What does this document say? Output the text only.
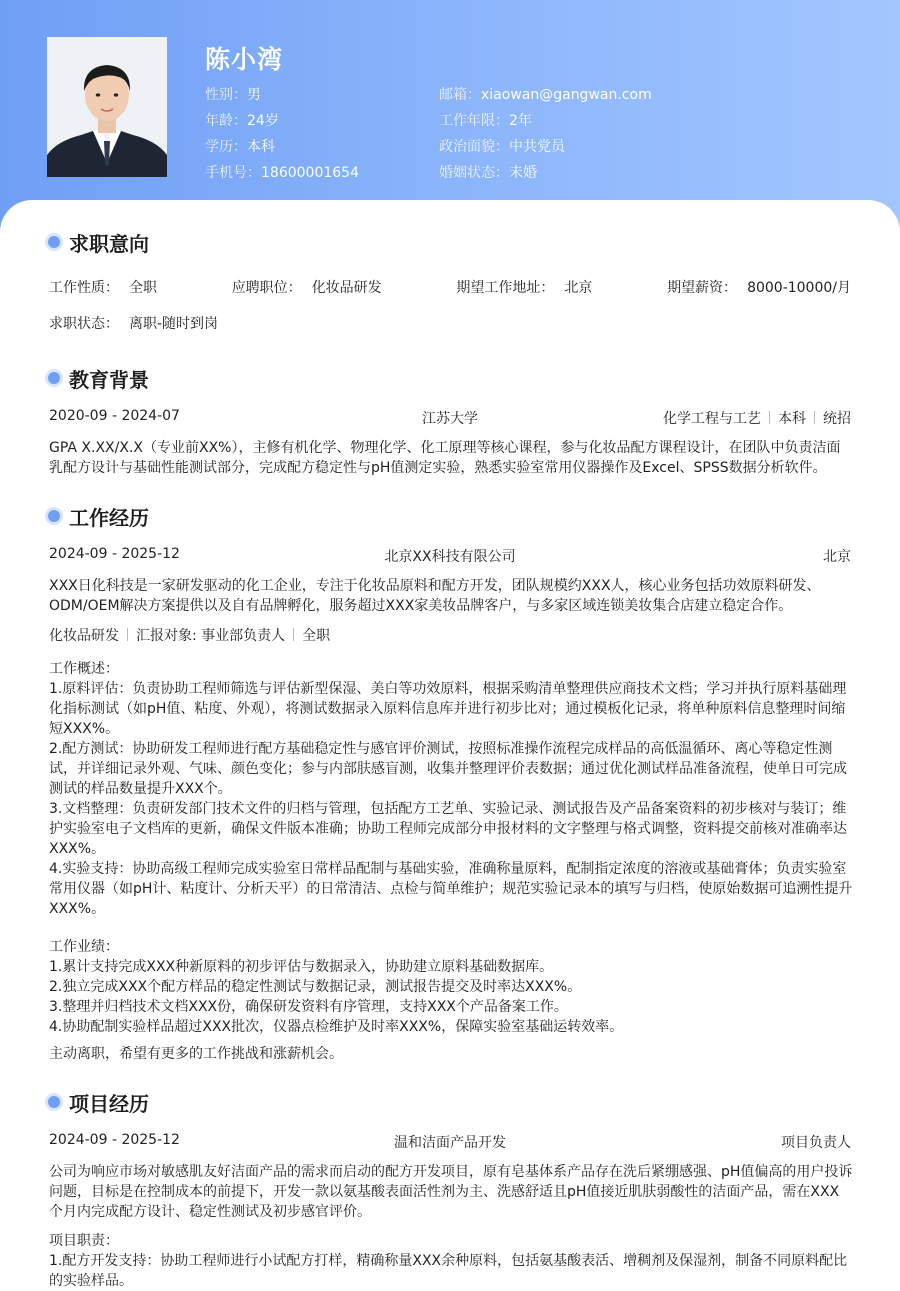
陈小湾
性别：男
年龄：24岁
学历：本科
手机号：18600001654
邮箱：xiaowan@gangwan.com
工作年限：2年
政治面貌：中共党员
婚姻状态：未婚
求职意向
工作性质： 全职	应聘职位： 化妆品研发	期望工作地址： 北京	期望薪资： 8000-10000/月
求职状态： 离职-随时到岗
教育背景
2020-09 - 2024-07	江苏大学	化学工程与工艺 本科 统招
GPA X.XX/X.X（专业前XX%），主修有机化学、物理化学、化工原理等核心课程，参与化妆品配方课程设计，在团队中负责洁面乳配方设计与基础性能测试部分，完成配方稳定性与pH值测定实验，熟悉实验室常用仪器操作及Excel、SPSS数据分析软件。
工作经历
2024-09 - 2025-12	北京XX科技有限公司	北京
XXX日化科技是一家研发驱动的化工企业，专注于化妆品原料和配方开发，团队规模约XXX人，核心业务包括功效原料研发、ODM/OEM解决方案提供以及自有品牌孵化，服务超过XXX家美妆品牌客户，与多家区域连锁美妆集合店建立稳定合作。
化妆品研发 汇报对象: 事业部负责人 全职
工作概述：
1.原料评估：负责协助工程师筛选与评估新型保湿、美白等功效原料，根据采购清单整理供应商技术文档；学习并执行原料基础理化指标测试（如pH值、粘度、外观），将测试数据录入原料信息库并进行初步比对；通过模板化记录，将单种原料信息整理时间缩短XXX%。
2.配方测试：协助研发工程师进行配方基础稳定性与感官评价测试，按照标准操作流程完成样品的高低温循环、离心等稳定性测试，并详细记录外观、气味、颜色变化；参与内部肤感盲测，收集并整理评价表数据；通过优化测试样品准备流程，使单日可完成测试的样品数量提升XXX个。
3.文档整理：负责研发部门技术文件的归档与管理，包括配方工艺单、实验记录、测试报告及产品备案资料的初步核对与装订；维护实验室电子文档库的更新，确保文件版本准确；协助工程师完成部分申报材料的文字整理与格式调整，资料提交前核对准确率达XXX%。
4.实验支持：协助高级工程师完成实验室日常样品配制与基础实验，准确称量原料，配制指定浓度的溶液或基础膏体；负责实验室常用仪器（如pH计、粘度计、分析天平）的日常清洁、点检与简单维护；规范实验记录本的填写与归档，使原始数据可追溯性提升XXX%。
工作业绩：
1.累计支持完成XXX种新原料的初步评估与数据录入，协助建立原料基础数据库。
2.独立完成XXX个配方样品的稳定性测试与数据记录，测试报告提交及时率达XXX%。
3.整理并归档技术文档XXX份，确保研发资料有序管理，支持XXX个产品备案工作。
4.协助配制实验样品超过XXX批次，仪器点检维护及时率XXX%，保障实验室基础运转效率。
主动离职，希望有更多的工作挑战和涨薪机会。
项目经历
2024-09 - 2025-12	温和洁面产品开发	项目负责人
公司为响应市场对敏感肌友好洁面产品的需求而启动的配方开发项目，原有皂基体系产品存在洗后紧绷感强、pH值偏高的用户投诉问题，目标是在控制成本的前提下，开发一款以氨基酸表面活性剂为主、洗感舒适且pH值接近肌肤弱酸性的洁面产品，需在XXX个月内完成配方设计、稳定性测试及初步感官评价。
项目职责：
1.配方开发支持：协助工程师进行小试配方打样，精确称量XXX余种原料，包括氨基酸表活、增稠剂及保湿剂，制备不同原料配比的实验样品。
